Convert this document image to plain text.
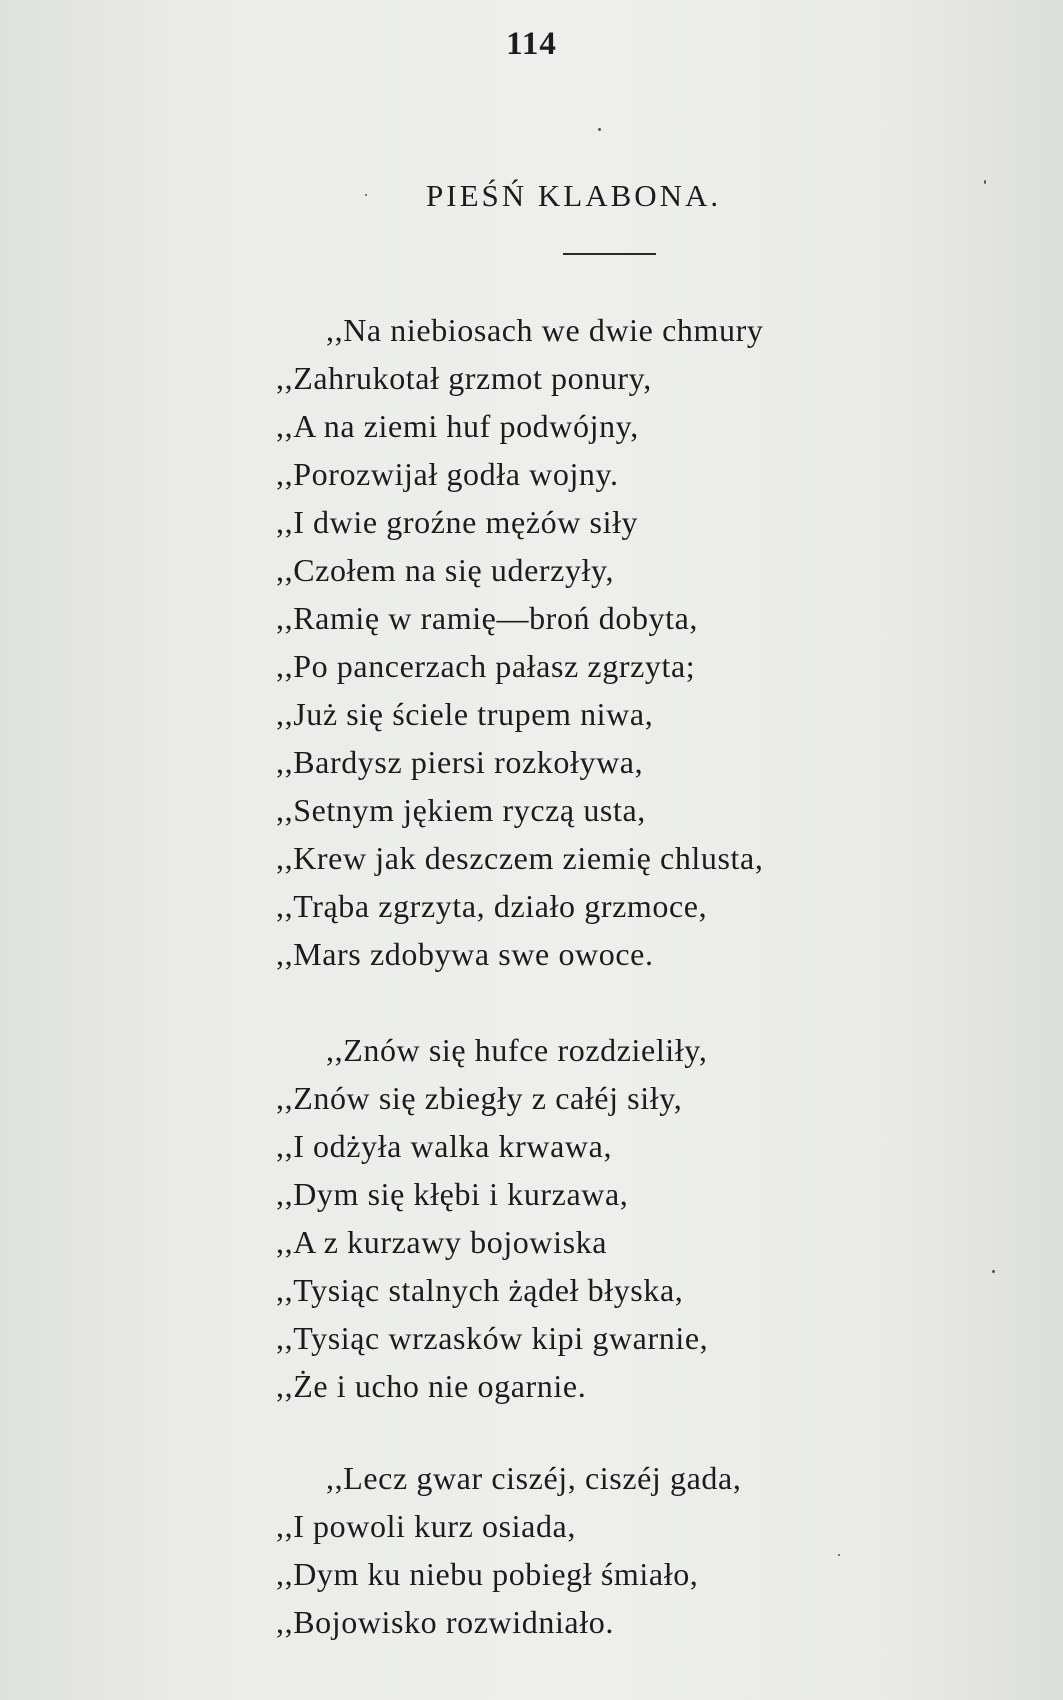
114
PIEŚŃ KLABONA.
,,Na niebiosach we dwie chmury
,,Zahrukotał grzmot ponury,
,,A na ziemi huf podwójny,
,,Porozwijał godła wojny.
,,I dwie groźne mężów siły
,,Czołem na się uderzyły,
,,Ramię w ramię—broń dobyta,
,,Po pancerzach pałasz zgrzyta;
,,Już się ściele trupem niwa,
,,Bardysz piersi rozkoływa,
,,Setnym jękiem ryczą usta,
,,Krew jak deszczem ziemię chlusta,
,,Trąba zgrzyta, działo grzmoce,
,,Mars zdobywa swe owoce.
,,Znów się hufce rozdzieliły,
,,Znów się zbiegły z całéj siły,
,,I odżyła walka krwawa,
,,Dym się kłębi i kurzawa,
,,A z kurzawy bojowiska
,,Tysiąc stalnych żądeł błyska,
,,Tysiąc wrzasków kipi gwarnie,
,,Że i ucho nie ogarnie.
,,Lecz gwar ciszéj, ciszéj gada,
,,I powoli kurz osiada,
,,Dym ku niebu pobiegł śmiało,
,,Bojowisko rozwidniało.
